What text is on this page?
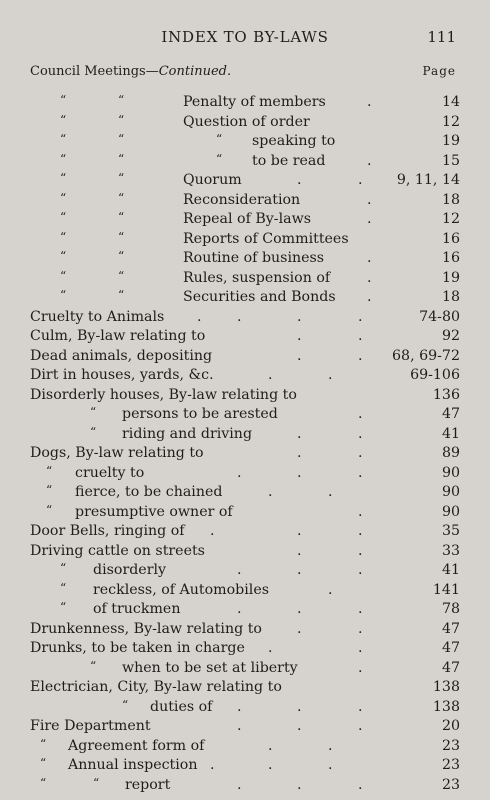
INDEX TO BY-LAWS	111
Council Meetings—Continued.	Page
“	“	Penalty of members	.	14
“	“	Question of order	12
“	“	“ speaking to	19
“	“	“ to be read	.	15
“	“	Quorum	.	. 9, 11, 14
“	“	Reconsideration	.	18
“	“	Repeal of By-laws	.	12
“	“	Reports of Committees	16
“	“	Routine of business	.	16
“	“	Rules, suspension of	.	19
“	“	Securities and Bonds .	18
Cruelty to Animals . .	.	.	74-80
Culm, By-law relating to	.	.	92
Dead animals, depositing	.	. 68, 69-72
Dirt in houses, yards, &c.	.	.	69-106
Disorderly houses, By-law relating to	136
“ persons to be arested	.	47
“ riding and driving	.	.	41
Dogs, By-law relating to	.	.	89
“ cruelty to	.	.	.	90
“ fierce, to be chained	.	.	90
“ presumptive owner of	.	90
Door Bells, ringing of .	.	.	35
Driving cattle on streets	.	.	33
“ disorderly	.	.	.	41
“ reckless, of Automobiles	.	141
“ of truckmen	.	.	.	78
Drunkenness, By-law relating to .	.	47
Drunks, to be taken in charge .	.	47
“ when to be set at liberty	.	47
Electrician, City, By-law relating to	138
“ duties of .	.	.	138
Fire Department	.	.	.	20
“ Agreement form of	.	.	23
“ Annual inspection .	.	.	23
“	“ report	.	.	.	23
